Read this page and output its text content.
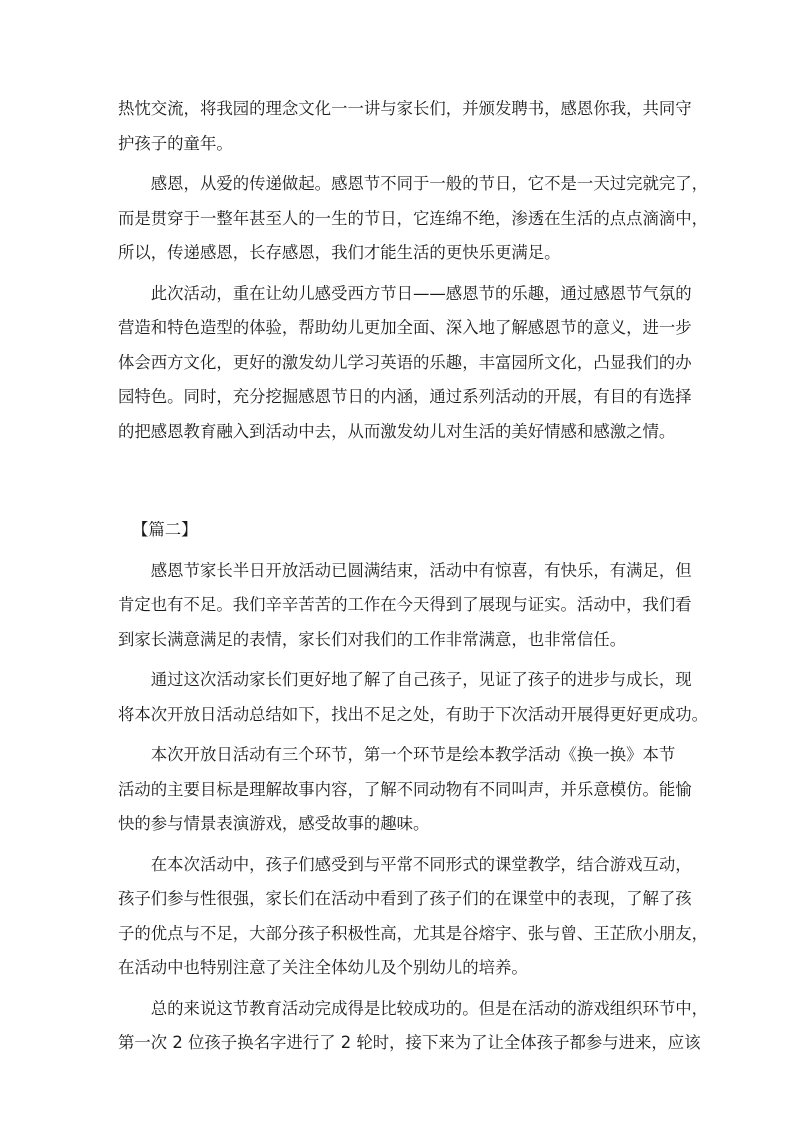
热忱交流，将我园的理念文化一一讲与家长们，并颁发聘书，感恩你我，共同守
护孩子的童年。
　　感恩，从爱的传递做起。感恩节不同于一般的节日，它不是一天过完就完了，
而是贯穿于一整年甚至人的一生的节日，它连绵不绝，渗透在生活的点点滴滴中，
所以，传递感恩，长存感恩，我们才能生活的更快乐更满足。
　　此次活动，重在让幼儿感受西方节日——感恩节的乐趣，通过感恩节气氛的
营造和特色造型的体验，帮助幼儿更加全面、深入地了解感恩节的意义，进一步
体会西方文化，更好的激发幼儿学习英语的乐趣，丰富园所文化，凸显我们的办
园特色。同时，充分挖掘感恩节日的内涵，通过系列活动的开展，有目的有选择
的把感恩教育融入到活动中去，从而激发幼儿对生活的美好情感和感激之情。
【篇二】
　　感恩节家长半日开放活动已圆满结束，活动中有惊喜，有快乐，有满足，但
肯定也有不足。我们辛辛苦苦的工作在今天得到了展现与证实。活动中，我们看
到家长满意满足的表情，家长们对我们的工作非常满意，也非常信任。
　　通过这次活动家长们更好地了解了自己孩子，见证了孩子的进步与成长，现
将本次开放日活动总结如下，找出不足之处，有助于下次活动开展得更好更成功。
　　本次开放日活动有三个环节，第一个环节是绘本教学活动《换一换》本节
活动的主要目标是理解故事内容，了解不同动物有不同叫声，并乐意模仿。能愉
快的参与情景表演游戏，感受故事的趣味。
　　在本次活动中，孩子们感受到与平常不同形式的课堂教学，结合游戏互动，
孩子们参与性很强，家长们在活动中看到了孩子们的在课堂中的表现，了解了孩
子的优点与不足，大部分孩子积极性高，尤其是谷熔宇、张与曾、王芷欣小朋友，
在活动中也特别注意了关注全体幼儿及个别幼儿的培养。
　　总的来说这节教育活动完成得是比较成功的。但是在活动的游戏组织环节中，
第一次 2 位孩子换名字进行了 2 轮时，接下来为了让全体孩子都参与进来，应该
